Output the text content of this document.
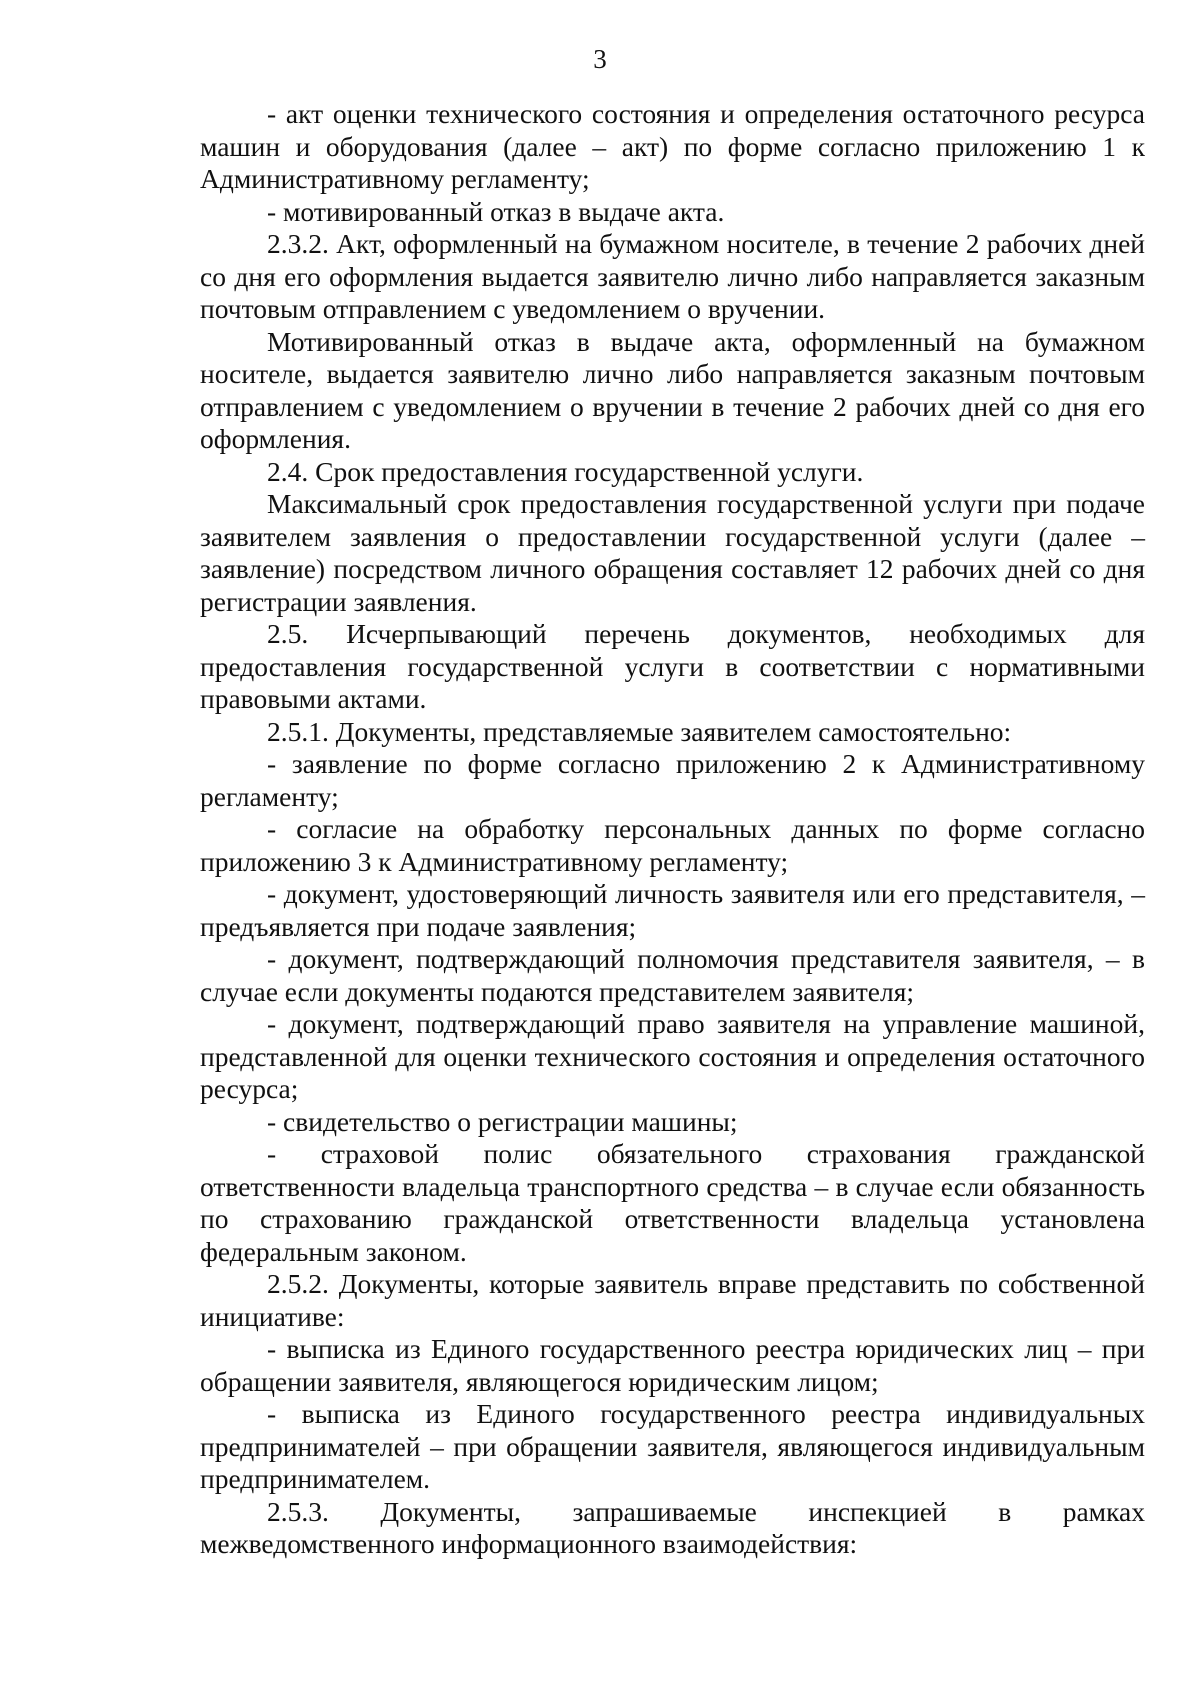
3

- акт оценки технического состояния и определения остаточного ресурса машин и оборудования (далее – акт) по форме согласно приложению 1 к Административному регламенту;

- мотивированный отказ в выдаче акта.

2.3.2. Акт, оформленный на бумажном носителе, в течение 2 рабочих дней со дня его оформления выдается заявителю лично либо направляется заказным почтовым отправлением с уведомлением о вручении.

Мотивированный отказ в выдаче акта, оформленный на бумажном носителе, выдается заявителю лично либо направляется заказным почтовым отправлением с уведомлением о вручении в течение 2 рабочих дней со дня его оформления.

2.4. Срок предоставления государственной услуги.

Максимальный срок предоставления государственной услуги при подаче заявителем заявления о предоставлении государственной услуги (далее – заявление) посредством личного обращения составляет 12 рабочих дней со дня регистрации заявления.

2.5. Исчерпывающий перечень документов, необходимых для предоставления государственной услуги в соответствии с нормативными правовыми актами.

2.5.1. Документы, представляемые заявителем самостоятельно:

- заявление по форме согласно приложению 2 к Административному регламенту;

- согласие на обработку персональных данных по форме согласно приложению 3 к Административному регламенту;

- документ, удостоверяющий личность заявителя или его представителя, – предъявляется при подаче заявления;

- документ, подтверждающий полномочия представителя заявителя, – в случае если документы подаются представителем заявителя;

- документ, подтверждающий право заявителя на управление машиной, представленной для оценки технического состояния и определения остаточного ресурса;

- свидетельство о регистрации машины;

- страховой полис обязательного страхования гражданской ответственности владельца транспортного средства – в случае если обязанность по страхованию гражданской ответственности владельца установлена федеральным законом.

2.5.2. Документы, которые заявитель вправе представить по собственной инициативе:

- выписка из Единого государственного реестра юридических лиц – при обращении заявителя, являющегося юридическим лицом;

- выписка из Единого государственного реестра индивидуальных предпринимателей – при обращении заявителя, являющегося индивидуальным предпринимателем.

2.5.3. Документы, запрашиваемые инспекцией в рамках межведомственного информационного взаимодействия:
